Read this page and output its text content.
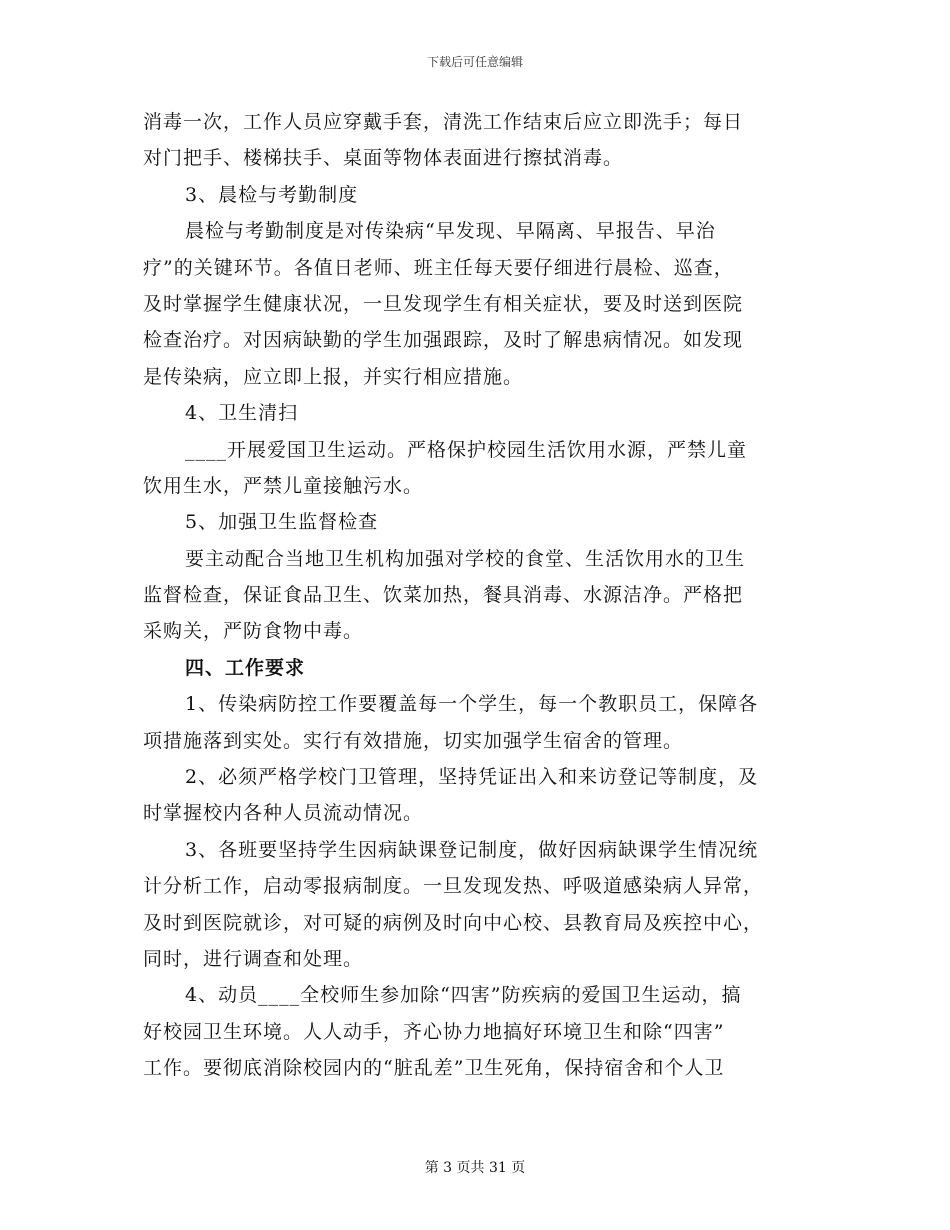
下载后可任意编辑
消毒一次，工作人员应穿戴手套，清洗工作结束后应立即洗手；每日
对门把手、楼梯扶手、桌面等物体表面进行擦拭消毒。
3、晨检与考勤制度
晨检与考勤制度是对传染病“早发现、早隔离、早报告、早治
疗”的关键环节。各值日老师、班主任每天要仔细进行晨检、巡查，
及时掌握学生健康状况，一旦发现学生有相关症状，要及时送到医院
检查治疗。对因病缺勤的学生加强跟踪，及时了解患病情况。如发现
是传染病，应立即上报，并实行相应措施。
4、卫生清扫
____开展爱国卫生运动。严格保护校园生活饮用水源，严禁儿童
饮用生水，严禁儿童接触污水。
5、加强卫生监督检查
要主动配合当地卫生机构加强对学校的食堂、生活饮用水的卫生
监督检查，保证食品卫生、饮菜加热，餐具消毒、水源洁净。严格把
采购关，严防食物中毒。
四、工作要求
1、传染病防控工作要覆盖每一个学生，每一个教职员工，保障各
项措施落到实处。实行有效措施，切实加强学生宿舍的管理。
2、必须严格学校门卫管理，坚持凭证出入和来访登记等制度，及
时掌握校内各种人员流动情况。
3、各班要坚持学生因病缺课登记制度，做好因病缺课学生情况统
计分析工作，启动零报病制度。一旦发现发热、呼吸道感染病人异常，
及时到医院就诊，对可疑的病例及时向中心校、县教育局及疾控中心，
同时，进行调查和处理。
4、动员____全校师生参加除“四害”防疾病的爱国卫生运动，搞
好校园卫生环境。人人动手，齐心协力地搞好环境卫生和除“四害”
工作。要彻底消除校园内的“脏乱差”卫生死角，保持宿舍和个人卫
第 3 页共 31 页
